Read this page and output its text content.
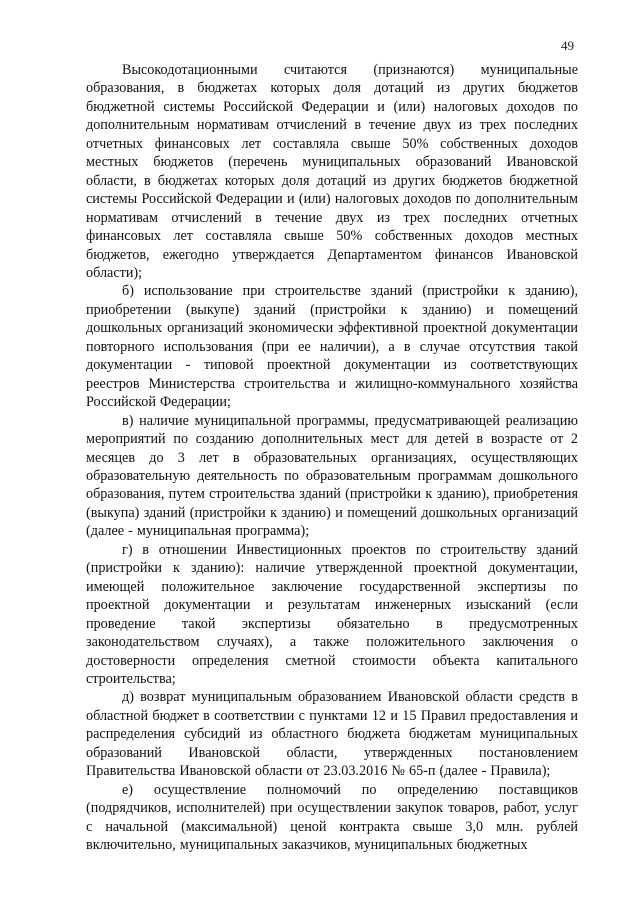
49

Высокодотационными считаются (признаются) муниципальные образования, в бюджетах которых доля дотаций из других бюджетов бюджетной системы Российской Федерации и (или) налоговых доходов по дополнительным нормативам отчислений в течение двух из трех последних отчетных финансовых лет составляла свыше 50% собственных доходов местных бюджетов (перечень муниципальных образований Ивановской области, в бюджетах которых доля дотаций из других бюджетов бюджетной системы Российской Федерации и (или) налоговых доходов по дополнительным нормативам отчислений в течение двух из трех последних отчетных финансовых лет составляла свыше 50% собственных доходов местных бюджетов, ежегодно утверждается Департаментом финансов Ивановской области);

б) использование при строительстве зданий (пристройки к зданию), приобретении (выкупе) зданий (пристройки к зданию) и помещений дошкольных организаций экономически эффективной проектной документации повторного использования (при ее наличии), а в случае отсутствия такой документации - типовой проектной документации из соответствующих реестров Министерства строительства и жилищно-коммунального хозяйства Российской Федерации;

в) наличие муниципальной программы, предусматривающей реализацию мероприятий по созданию дополнительных мест для детей в возрасте от 2 месяцев до 3 лет в образовательных организациях, осуществляющих образовательную деятельность по образовательным программам дошкольного образования, путем строительства зданий (пристройки к зданию), приобретения (выкупа) зданий (пристройки к зданию) и помещений дошкольных организаций (далее - муниципальная программа);

г) в отношении Инвестиционных проектов по строительству зданий (пристройки к зданию): наличие утвержденной проектной документации, имеющей положительное заключение государственной экспертизы по проектной документации и результатам инженерных изысканий (если проведение такой экспертизы обязательно в предусмотренных законодательством случаях), а также положительного заключения о достоверности определения сметной стоимости объекта капитального строительства;

д) возврат муниципальным образованием Ивановской области средств в областной бюджет в соответствии с пунктами 12 и 15 Правил предоставления и распределения субсидий из областного бюджета бюджетам муниципальных образований Ивановской области, утвержденных постановлением Правительства Ивановской области от 23.03.2016 № 65-п (далее - Правила);

е) осуществление полномочий по определению поставщиков (подрядчиков, исполнителей) при осуществлении закупок товаров, работ, услуг с начальной (максимальной) ценой контракта свыше 3,0 млн. рублей включительно, муниципальных заказчиков, муниципальных бюджетных
